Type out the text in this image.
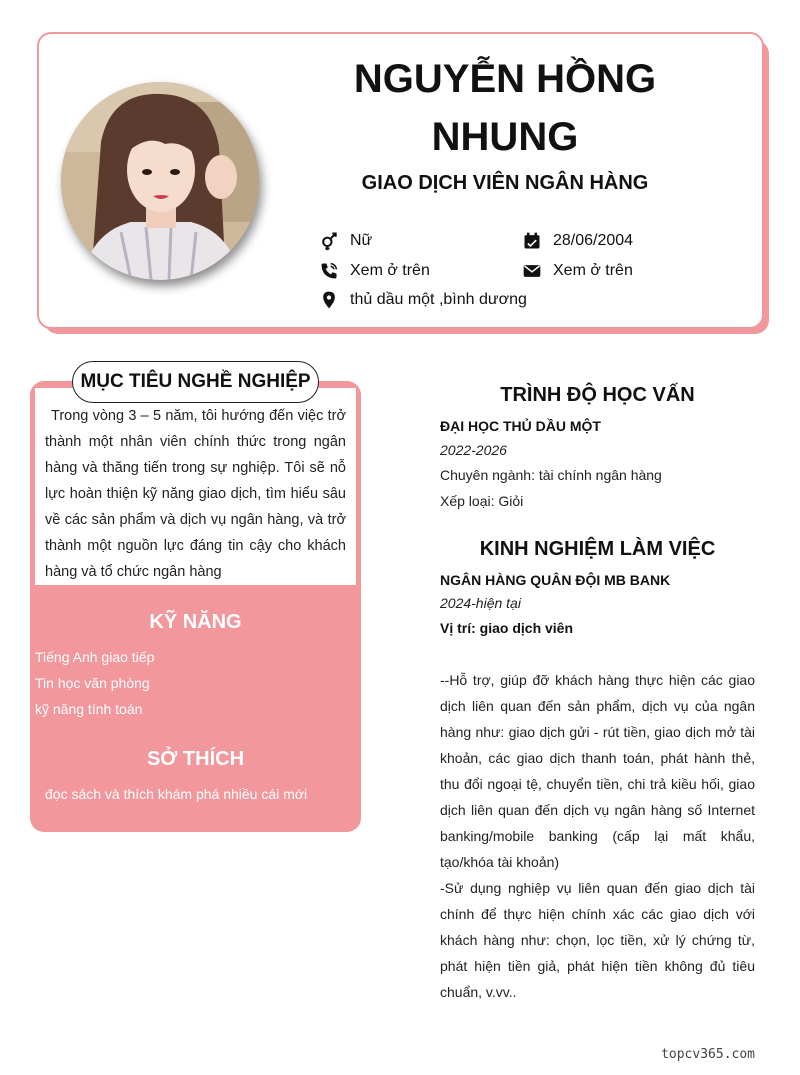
NGUYỄN HỒNG NHUNG
GIAO DỊCH VIÊN NGÂN HÀNG
Nữ	28/06/2004
Xem ở trên	Xem ở trên
thủ dầu một ,bình dương
MỤC TIÊU NGHỀ NGHIỆP
Trong vòng 3 – 5 năm, tôi hướng đến việc trở thành một nhân viên chính thức trong ngân hàng và thăng tiến trong sự nghiệp. Tôi sẽ nỗ lực hoàn thiện kỹ năng giao dịch, tìm hiểu sâu về các sản phẩm và dịch vụ ngân hàng, và trở thành một nguồn lực đáng tin cậy cho khách hàng và tổ chức ngân hàng
KỸ NĂNG
Tiếng Anh giao tiếp
Tin học văn phòng
kỹ năng tính toán
SỞ THÍCH
đọc sách và thích khám phá nhiều cái mới
TRÌNH ĐỘ HỌC VẤN
ĐẠI HỌC THỦ DẦU MỘT
2022-2026
Chuyên ngành: tài chính ngân hàng
Xếp loại: Giỏi
KINH NGHIỆM LÀM VIỆC
NGÂN HÀNG QUÂN ĐỘI MB BANK
2024-hiện tại
Vị trí: giao dịch viên
--Hỗ trợ, giúp đỡ khách hàng thực hiện các giao dịch liên quan đến sản phẩm, dịch vụ của ngân hàng như: giao dịch gửi - rút tiền, giao dịch mở tài khoản, các giao dịch thanh toán, phát hành thẻ, thu đổi ngoại tệ, chuyển tiền, chi trả kiều hối, giao dịch liên quan đến dịch vụ ngân hàng số Internet banking/mobile banking (cấp lại mất khẩu, tạo/khóa tài khoản)
-Sử dụng nghiệp vụ liên quan đến giao dịch tài chính để thực hiện chính xác các giao dịch với khách hàng như: chọn, lọc tiền, xử lý chứng từ, phát hiện tiền giả, phát hiện tiền không đủ tiêu chuẩn, v.vv..
topcv365.com
